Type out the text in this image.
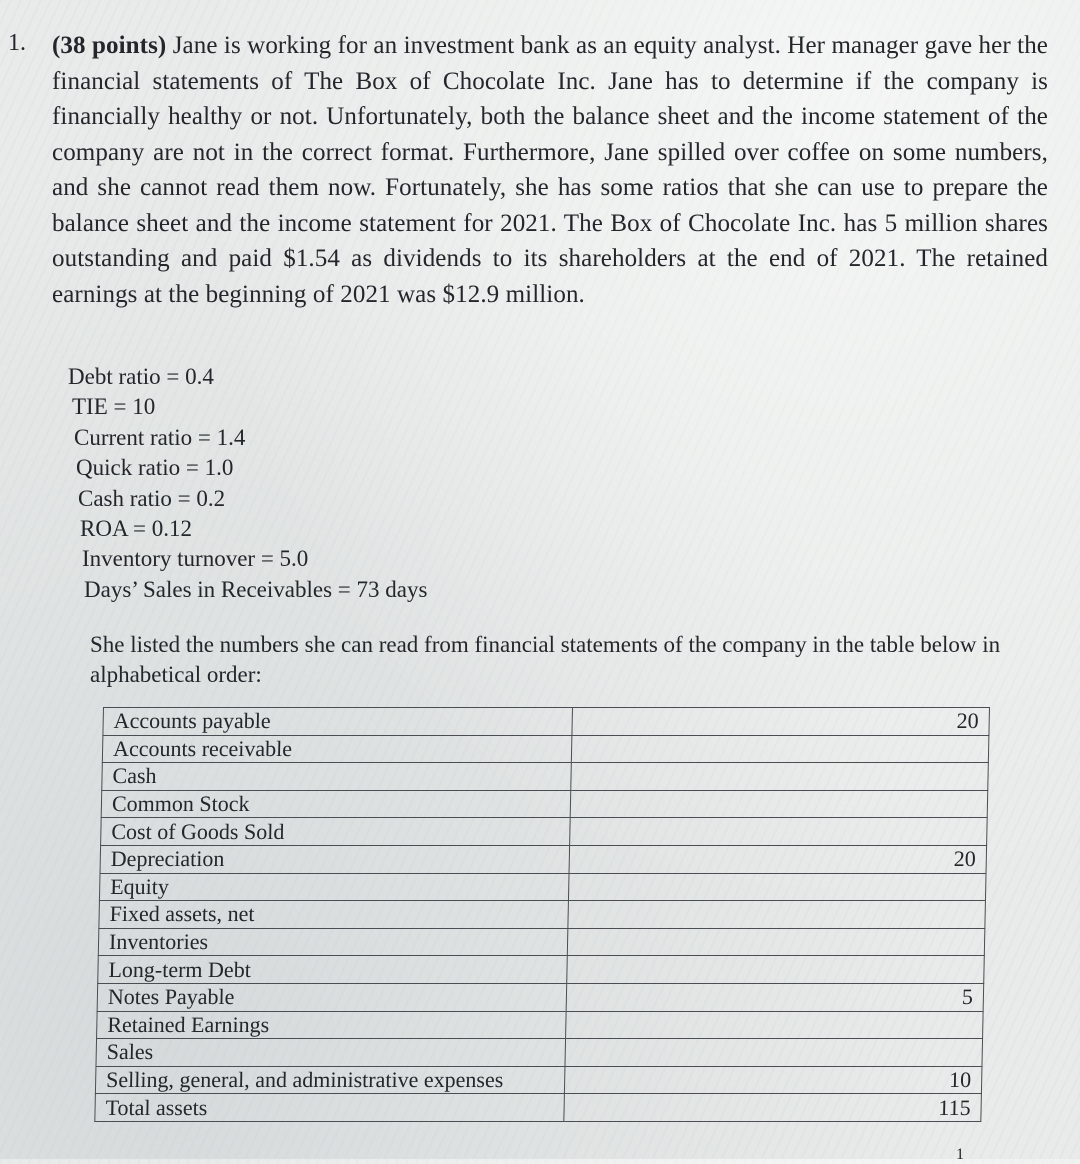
1. (38 points) Jane is working for an investment bank as an equity analyst. Her manager gave her the financial statements of The Box of Chocolate Inc. Jane has to determine if the company is financially healthy or not. Unfortunately, both the balance sheet and the income statement of the company are not in the correct format. Furthermore, Jane spilled over coffee on some numbers, and she cannot read them now. Fortunately, she has some ratios that she can use to prepare the balance sheet and the income statement for 2021. The Box of Chocolate Inc. has 5 million shares outstanding and paid $1.54 as dividends to its shareholders at the end of 2021. The retained earnings at the beginning of 2021 was $12.9 million.
Debt ratio = 0.4
TIE = 10
Current ratio = 1.4
Quick ratio = 1.0
Cash ratio = 0.2
ROA = 0.12
Inventory turnover = 5.0
Days’ Sales in Receivables = 73 days
She listed the numbers she can read from financial statements of the company in the table below in alphabetical order:
Accounts payable	20
Accounts receivable	
Cash	
Common Stock	
Cost of Goods Sold	
Depreciation	20
Equity	
Fixed assets, net	
Inventories	
Long-term Debt	
Notes Payable	5
Retained Earnings	
Sales	
Selling, general, and administrative expenses	10
Total assets	115
1
